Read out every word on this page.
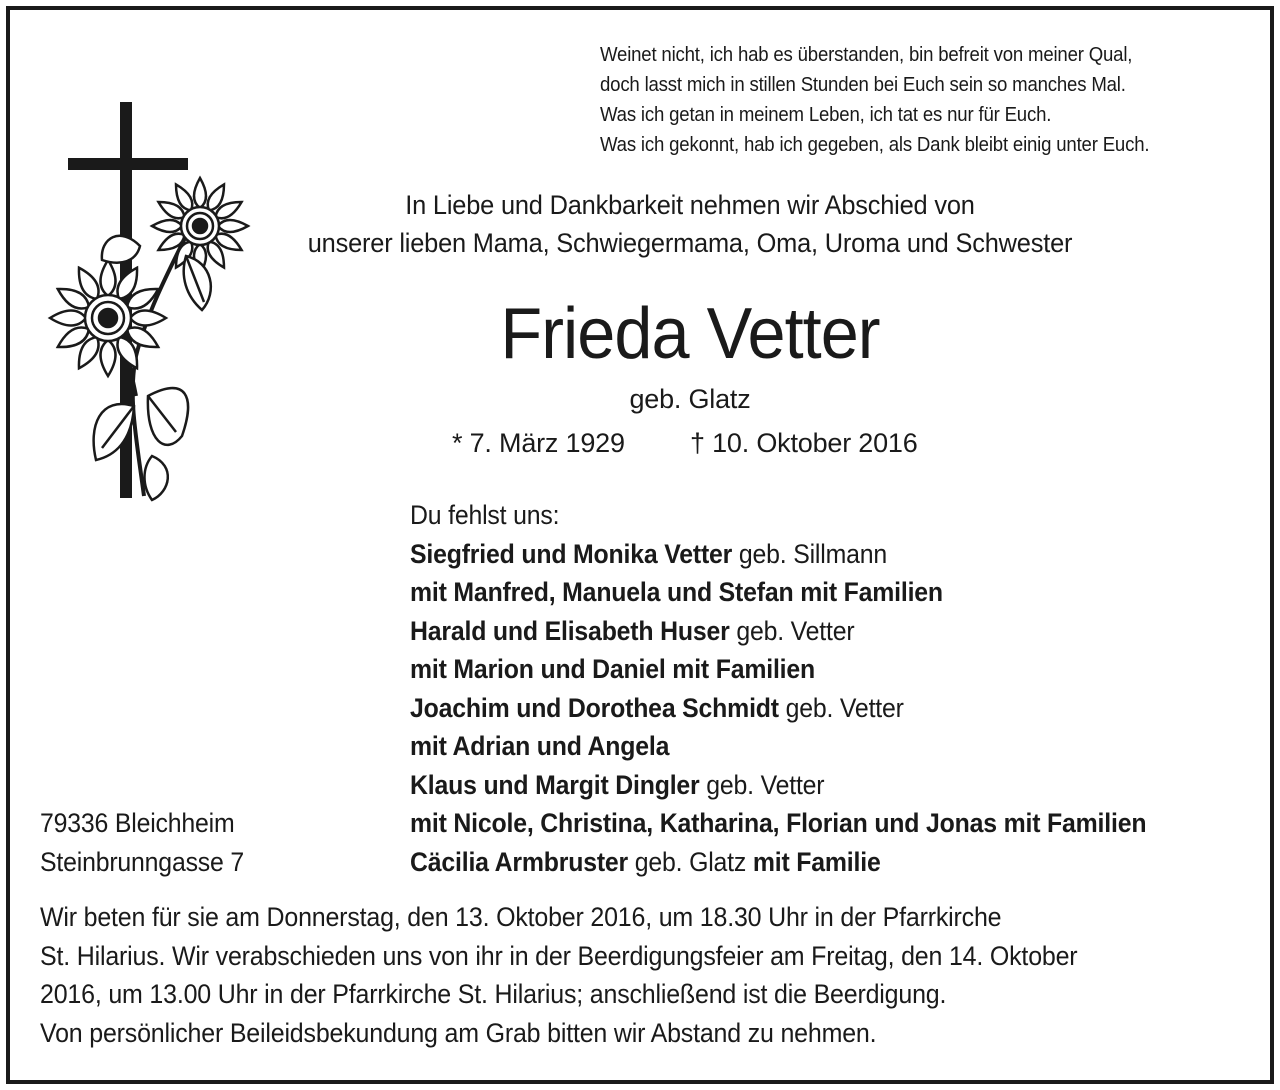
Weinet nicht, ich hab es überstanden, bin befreit von meiner Qual,
doch lasst mich in stillen Stunden bei Euch sein so manches Mal.
Was ich getan in meinem Leben, ich tat es nur für Euch.
Was ich gekonnt, hab ich gegeben, als Dank bleibt einig unter Euch.
In Liebe und Dankbarkeit nehmen wir Abschied von
unserer lieben Mama, Schwiegermama, Oma, Uroma und Schwester
Frieda Vetter
geb. Glatz
* 7. März 1929 † 10. Oktober 2016
Du fehlst uns:
Siegfried und Monika Vetter geb. Sillmann
mit Manfred, Manuela und Stefan mit Familien
Harald und Elisabeth Huser geb. Vetter
mit Marion und Daniel mit Familien
Joachim und Dorothea Schmidt geb. Vetter
mit Adrian und Angela
Klaus und Margit Dingler geb. Vetter
mit Nicole, Christina, Katharina, Florian und Jonas mit Familien
Cäcilia Armbruster geb. Glatz mit Familie
79336 Bleichheim
Steinbrunngasse 7
Wir beten für sie am Donnerstag, den 13. Oktober 2016, um 18.30 Uhr in der Pfarrkirche
St. Hilarius. Wir verabschieden uns von ihr in der Beerdigungsfeier am Freitag, den 14. Oktober
2016, um 13.00 Uhr in der Pfarrkirche St. Hilarius; anschließend ist die Beerdigung.
Von persönlicher Beileidsbekundung am Grab bitten wir Abstand zu nehmen.
